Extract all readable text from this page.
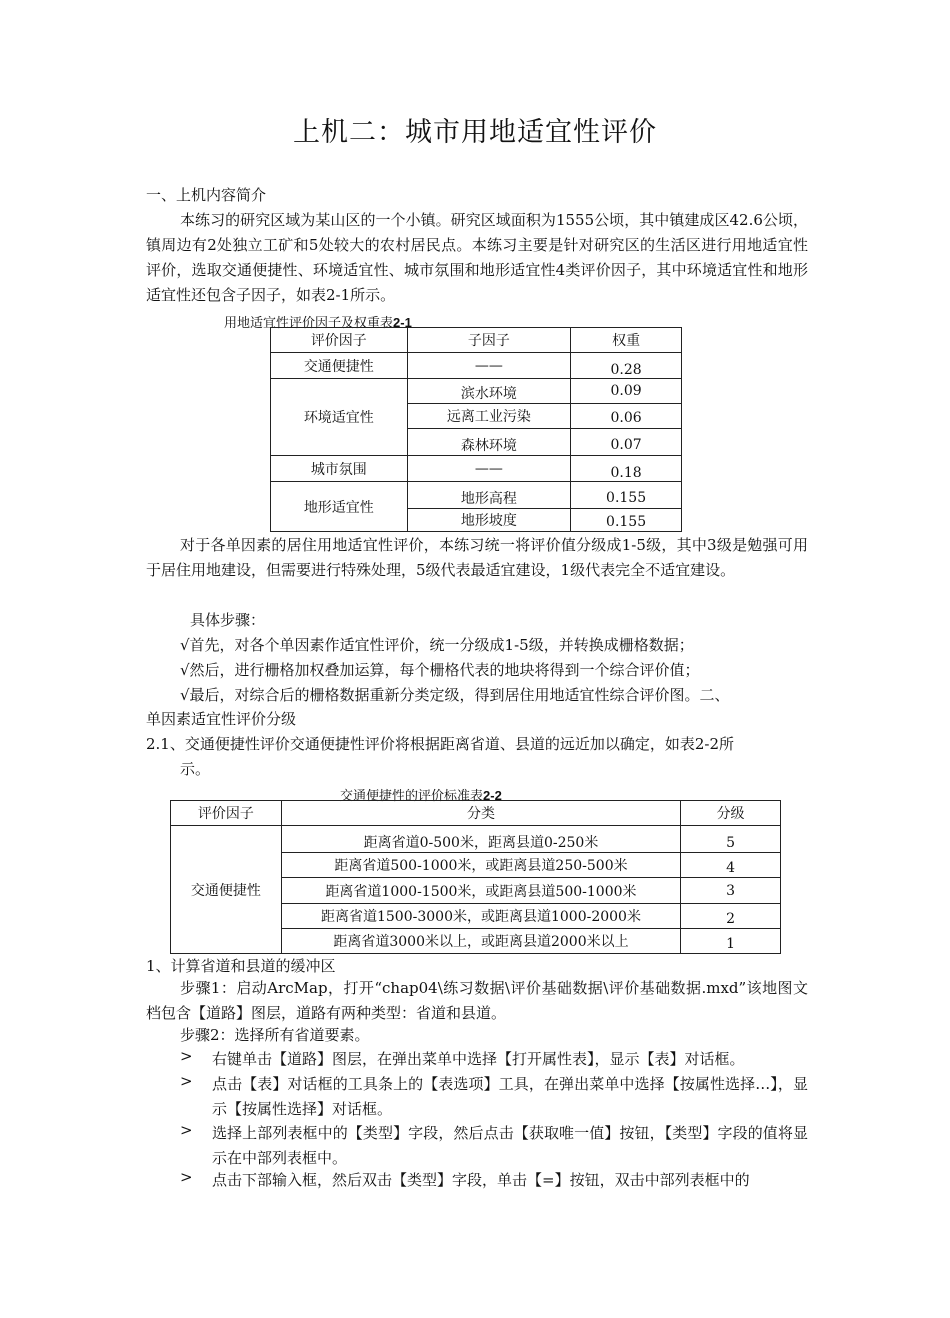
上机二：城市用地适宜性评价
一、上机内容简介
本练习的研究区域为某山区的一个小镇。研究区域面积为1555公顷，其中镇建成区42.6公顷，镇周边有2处独立工矿和5处较大的农村居民点。本练习主要是针对研究区的生活区进行用地适宜性评价，选取交通便捷性、环境适宜性、城市氛围和地形适宜性4类评价因子，其中环境适宜性和地形适宜性还包含子因子，如表2-1所示。
用地适宜性评价因子及权重表2-1
评价因子	子因子	权重
交通便捷性	——	0.28
环境适宜性	滨水环境	0.09
	远离工业污染	0.06
	森林环境	0.07
城市氛围	——	0.18
地形适宜性	地形高程	0.155
	地形坡度	0.155
对于各单因素的居住用地适宜性评价，本练习统一将评价值分级成1-5级，其中3级是勉强可用于居住用地建设，但需要进行特殊处理，5级代表最适宜建设，1级代表完全不适宜建设。
具体步骤：
√首先，对各个单因素作适宜性评价，统一分级成1-5级，并转换成栅格数据；
√然后，进行栅格加权叠加运算，每个栅格代表的地块将得到一个综合评价值；
√最后，对综合后的栅格数据重新分类定级，得到居住用地适宜性综合评价图。二、
单因素适宜性评价分级
2.1、交通便捷性评价交通便捷性评价将根据距离省道、县道的远近加以确定，如表2-2所
示。
交通便捷性的评价标准表2-2
评价因子	分类	分级
交通便捷性	距离省道0-500米，距离县道0-250米	5
	距离省道500-1000米，或距离县道250-500米	4
	距离省道1000-1500米，或距离县道500-1000米	3
	距离省道1500-3000米，或距离县道1000-2000米	2
	距离省道3000米以上，或距离县道2000米以上	1
1、计算省道和县道的缓冲区
步骤1：启动ArcMap，打开“chap04\练习数据\评价基础数据\评价基础数据.mxd”该地图文档包含【道路】图层，道路有两种类型：省道和县道。
步骤2：选择所有省道要素。
> 右键单击【道路】图层，在弹出菜单中选择【打开属性表】，显示【表】对话框。
> 点击【表】对话框的工具条上的【表选项】工具，在弹出菜单中选择【按属性选择…】，显示【按属性选择】对话框。
> 选择上部列表框中的【类型】字段，然后点击【获取唯一值】按钮，【类型】字段的值将显示在中部列表框中。
> 点击下部输入框，然后双击【类型】字段，单击【=】按钮，双击中部列表框中的
